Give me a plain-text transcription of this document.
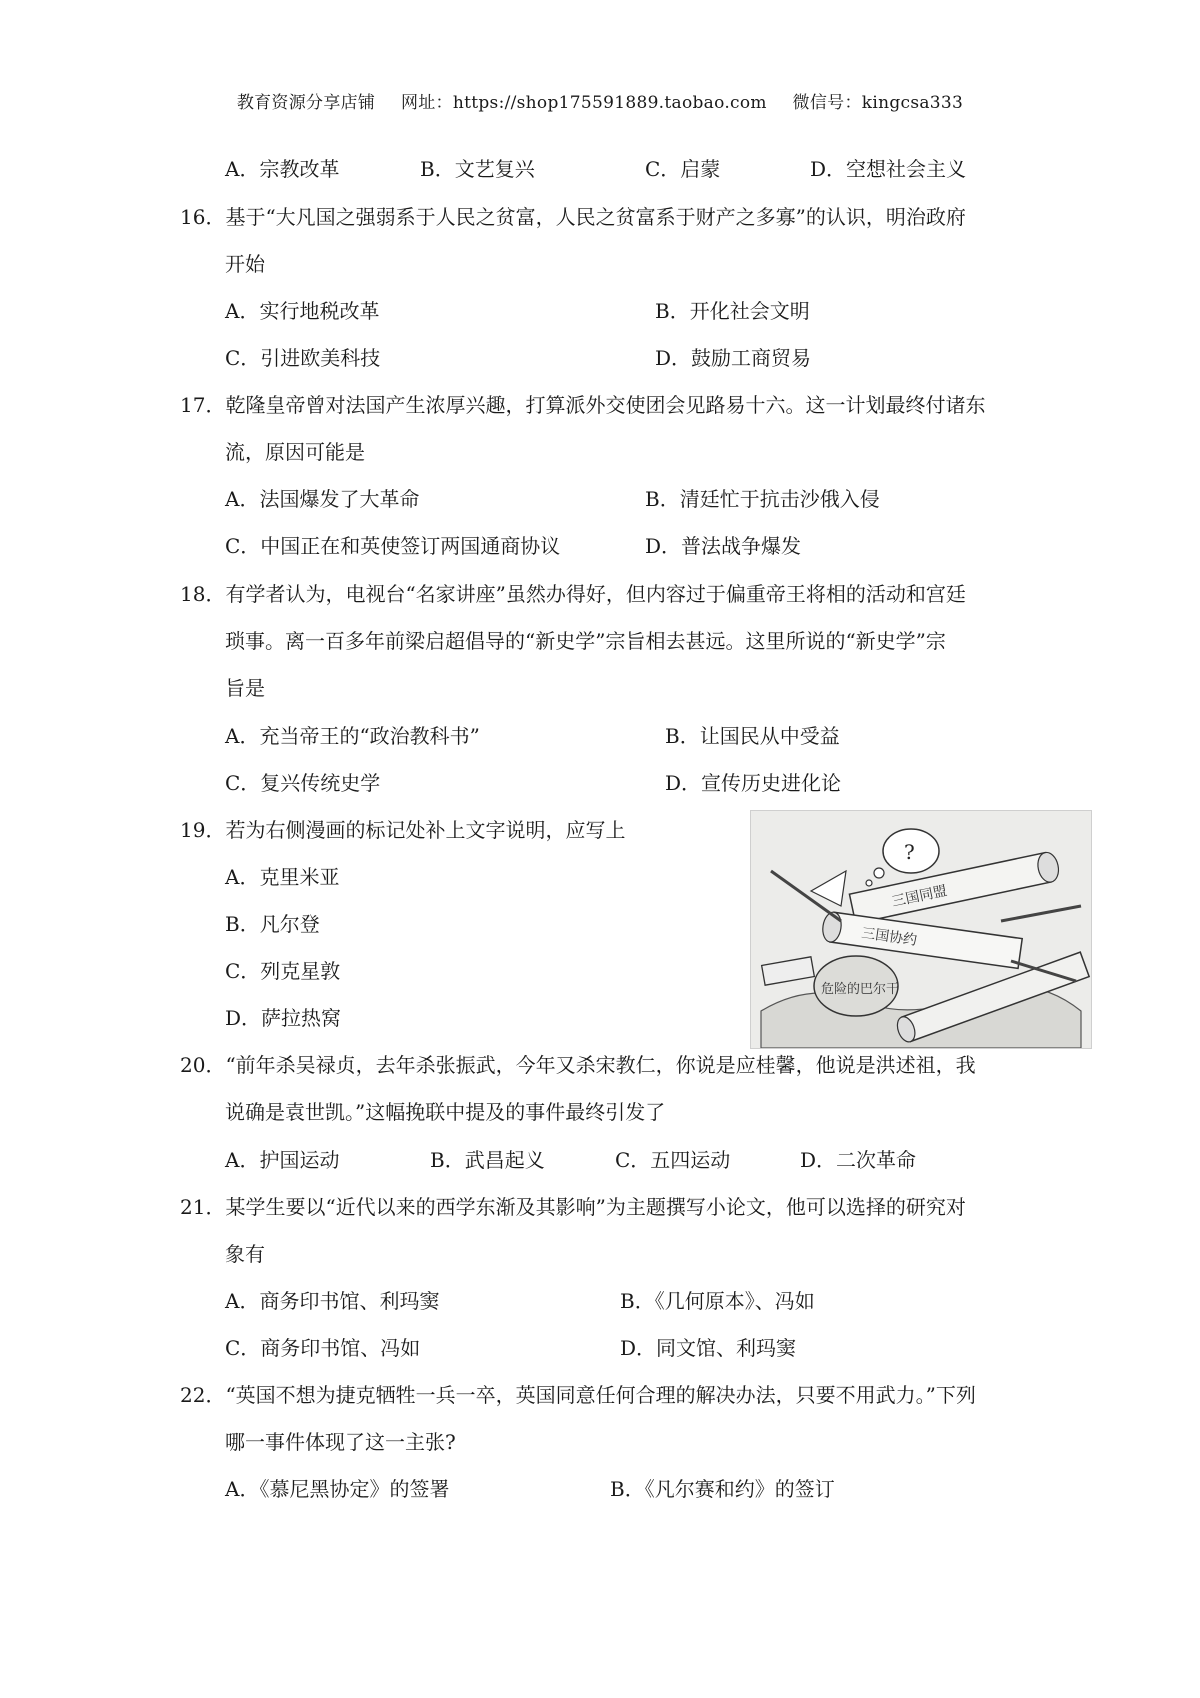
教育资源分享店铺 网址：https://shop175591889.taobao.com 微信号：kingcsa333
A．宗教改革	B．文艺复兴	C．启蒙	D．空想社会主义
16．基于“大凡国之强弱系于人民之贫富，人民之贫富系于财产之多寡”的认识，明治政府
开始
A．实行地税改革	B．开化社会文明
C．引进欧美科技	D．鼓励工商贸易
17．乾隆皇帝曾对法国产生浓厚兴趣，打算派外交使团会见路易十六。这一计划最终付诸东
流，原因可能是
A．法国爆发了大革命	B．清廷忙于抗击沙俄入侵
C．中国正在和英使签订两国通商协议	D．普法战争爆发
18．有学者认为，电视台“名家讲座”虽然办得好，但内容过于偏重帝王将相的活动和宫廷
琐事。离一百多年前梁启超倡导的“新史学”宗旨相去甚远。这里所说的“新史学”宗
旨是
A．充当帝王的“政治教科书”	B．让国民从中受益
C．复兴传统史学	D．宣传历史进化论
19．若为右侧漫画的标记处补上文字说明，应写上
A．克里米亚
B．凡尔登
C．列克星敦
D．萨拉热窝
?
三国同盟
三国协约
危险的巴尔干
20．“前年杀吴禄贞，去年杀张振武，今年又杀宋教仁，你说是应桂馨，他说是洪述祖，我
说确是袁世凯。”这幅挽联中提及的事件最终引发了
A．护国运动	B．武昌起义	C．五四运动	D．二次革命
21．某学生要以“近代以来的西学东渐及其影响”为主题撰写小论文，他可以选择的研究对
象有
A．商务印书馆、利玛窦	B．《几何原本》、冯如
C．商务印书馆、冯如	D．同文馆、利玛窦
22．“英国不想为捷克牺牲一兵一卒，英国同意任何合理的解决办法，只要不用武力。”下列
哪一事件体现了这一主张?
A．《慕尼黑协定》的签署	B．《凡尔赛和约》的签订
